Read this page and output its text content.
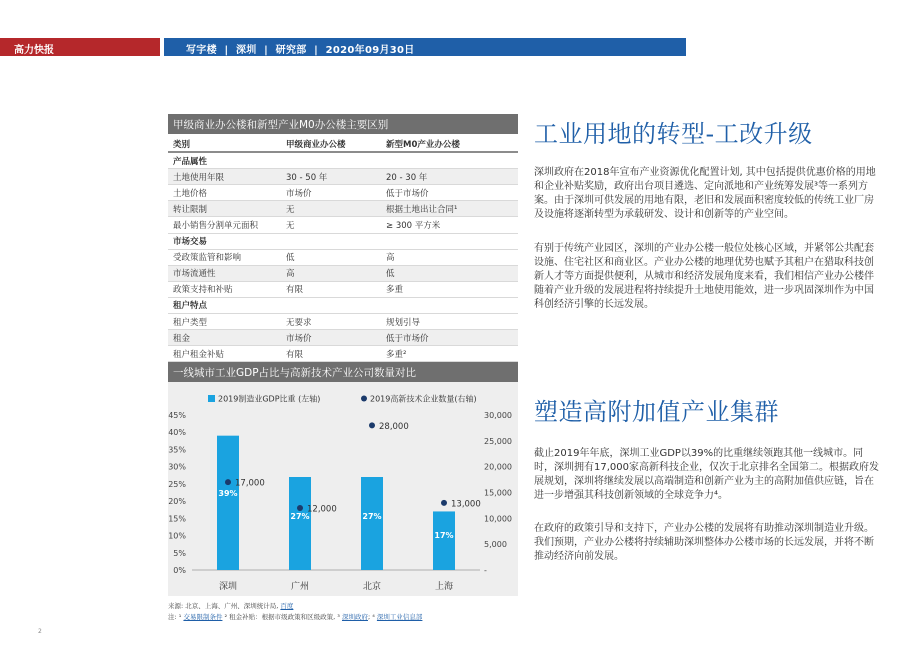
高力快报	写字楼  |  深圳  |  研究部  |  2020年09月30日
甲级商业办公楼和新型产业M0办公楼主要区别
类别	甲级商业办公楼	新型M0产业办公楼
产品属性
土地使用年限	30 - 50 年	20 - 30 年
土地价格	市场价	低于市场价
转让限制	无	根据土地出让合同¹
最小销售分割单元面积	无	≥ 300 平方米
市场交易
受政策监管和影响	低	高
市场流通性	高	低
政策支持和补贴	有限	多重
租户特点
租户类型	无要求	规划引导
租金	市场价	低于市场价
租户租金补贴	有限	多重²
一线城市工业GDP占比与高新技术产业公司数量对比
2019制造业GDP比重 (左轴)	2019高新技术企业数量(右轴)
45%
40%
35%
30%
25%
20%
15%
10%
5%
0%
30,000
25,000
20,000
15,000
10,000
5,000
-
39%
17,000
深圳
27%
12,000
广州
27%
28,000
北京
17%
13,000
上海
来源: 北京、上海、广州、深圳统计局, 百度
注: ¹ 交易限制条件 ² 租金补贴：根据市级政策和区级政策, ³ 深圳政府; ⁴ 深圳工业信息部
工业用地的转型-工改升级
深圳政府在2018年宣布产业资源优化配置计划, 其中包括提供优惠价格的用地和企业补贴奖励，政府出台项目遴选、定向派地和产业统筹发展³等一系列方案。由于深圳可供发展的用地有限，老旧和发展面积密度较低的传统工业厂房及设施将逐渐转型为承载研发、设计和创新等的产业空间。
有别于传统产业园区，深圳的产业办公楼一般位处核心区域，并紧邻公共配套设施、住宅社区和商业区。产业办公楼的地理优势也赋予其租户在猎取科技创新人才等方面提供便利，从城市和经济发展角度来看，我们相信产业办公楼伴随着产业升级的发展进程将持续提升土地使用能效，进一步巩固深圳作为中国科创经济引擎的长远发展。
塑造高附加值产业集群
截止2019年年底，深圳工业GDP以39%的比重继续领跑其他一线城市。同时，深圳拥有17,000家高新科技企业，仅次于北京排名全国第二。根据政府发展规划，深圳将继续发展以高端制造和创新产业为主的高附加值供应链，旨在进一步增强其科技创新领域的全球竞争力⁴。
在政府的政策引导和支持下，产业办公楼的发展将有助推动深圳制造业升级。我们预期，产业办公楼将持续辅助深圳整体办公楼市场的长远发展，并将不断推动经济向前发展。
2
